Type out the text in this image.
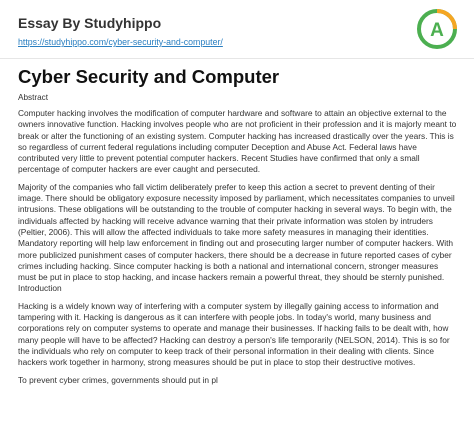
Essay By Studyhippo

https://studyhippo.com/cyber-security-and-computer/
A
Cyber Security and Computer

Abstract

Computer hacking involves the modification of computer hardware and software to attain an objective external to the owners innovative function. Hacking involves people who are not proficient in their profession and it is majorly meant to break or alter the functioning of an existing system. Computer hacking has increased drastically over the years. This is so regardless of current federal regulations including computer Deception and Abuse Act. Federal laws have contributed very little to prevent potential computer hackers. Recent Studies have confirmed that only a small percentage of computer hackers are ever caught and persecuted.

Majority of the companies who fall victim deliberately prefer to keep this action a secret to prevent denting of their image. There should be obligatory exposure necessity imposed by parliament, which necessitates companies to unveil intrusions. These obligations will be outstanding to the trouble of computer hacking in several ways. To begin with, the individuals affected by hacking will receive advance warning that their private information was stolen by intruders (Peltier, 2006). This will allow the affected individuals to take more safety measures in managing their identities. Mandatory reporting will help law enforcement in finding out and prosecuting larger number of computer hackers. With more publicized punishment cases of computer hackers, there should be a decrease in future reported cases of cyber crimes including hacking. Since computer hacking is both a national and international concern, stronger measures must be put in place to stop hacking, and incase hackers remain a powerful threat, they should be sternly punished.

Introduction

Hacking is a widely known way of interfering with a computer system by illegally gaining access to information and tampering with it. Hacking is dangerous as it can interfere with people jobs. In today's world, many business and corporations rely on computer systems to operate and manage their businesses. If hacking fails to be dealt with, how many people will have to be affected? Hacking can destroy a person's life temporarily (NELSON, 2014). This is so for the individuals who rely on computer to keep track of their personal information in their dealing with clients. Since hackers work together in harmony, strong measures should be put in place to stop their destructive motives.

To prevent cyber crimes, governments should put in pl
